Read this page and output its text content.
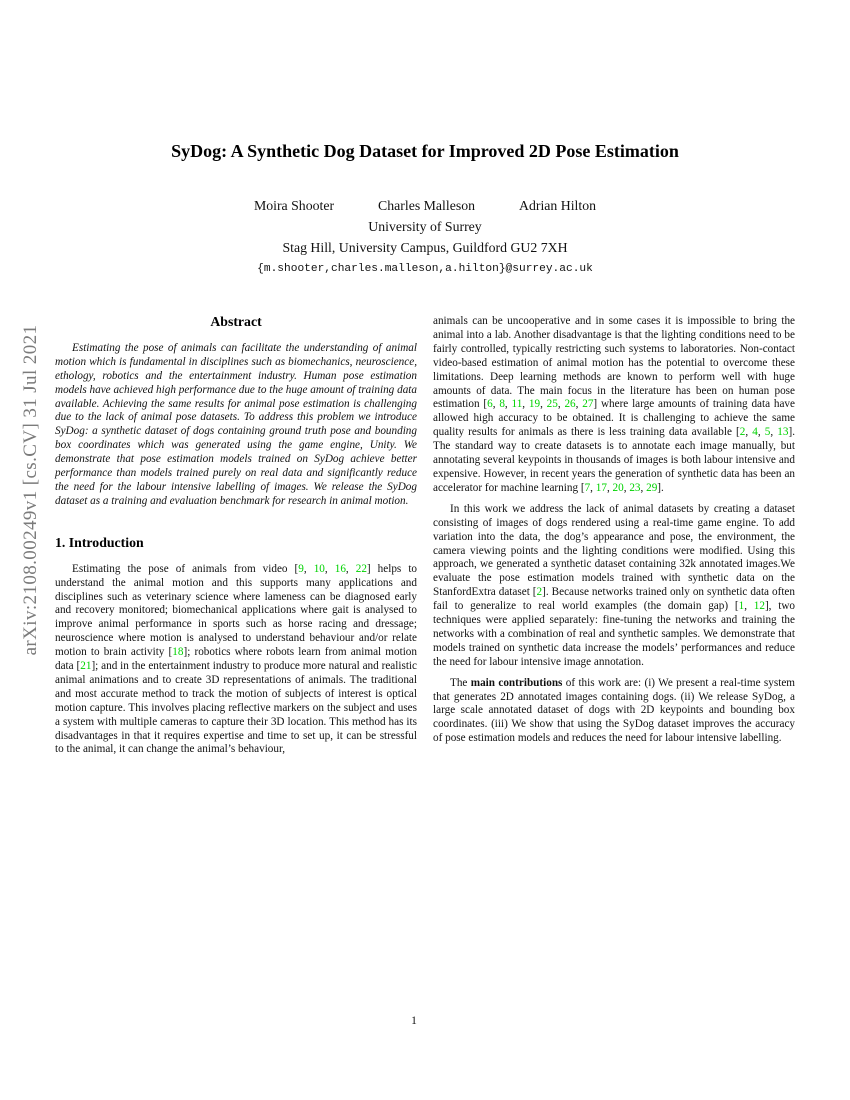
arXiv:2108.00249v1 [cs.CV] 31 Jul 2021
SyDog: A Synthetic Dog Dataset for Improved 2D Pose Estimation
Moira Shooter	Charles Malleson	Adrian Hilton
University of Surrey
Stag Hill, University Campus, Guildford GU2 7XH
{m.shooter,charles.malleson,a.hilton}@surrey.ac.uk
Abstract

Estimating the pose of animals can facilitate the understanding of animal motion which is fundamental in disciplines such as biomechanics, neuroscience, ethology, robotics and the entertainment industry. Human pose estimation models have achieved high performance due to the huge amount of training data available. Achieving the same results for animal pose estimation is challenging due to the lack of animal pose datasets. To address this problem we introduce SyDog: a synthetic dataset of dogs containing ground truth pose and bounding box coordinates which was generated using the game engine, Unity. We demonstrate that pose estimation models trained on SyDog achieve better performance than models trained purely on real data and significantly reduce the need for the labour intensive labelling of images. We release the SyDog dataset as a training and evaluation benchmark for research in animal motion.

1. Introduction

Estimating the pose of animals from video [9, 10, 16, 22] helps to understand the animal motion and this supports many applications and disciplines such as veterinary science where lameness can be diagnosed early and recovery monitored; biomechanical applications where gait is analysed to improve animal performance in sports such as horse racing and dressage; neuroscience where motion is analysed to understand behaviour and/or relate motion to brain activity [18]; robotics where robots learn from animal motion data [21]; and in the entertainment industry to produce more natural and realistic animal animations and to create 3D representations of animals. The traditional and most accurate method to track the motion of subjects of interest is optical motion capture. This involves placing reflective markers on the subject and uses a system with multiple cameras to capture their 3D location. This method has its disadvantages in that it requires expertise and time to set up, it can be stressful to the animal, it can change the animal’s behaviour,

animals can be uncooperative and in some cases it is impossible to bring the animal into a lab. Another disadvantage is that the lighting conditions need to be fairly controlled, typically restricting such systems to laboratories. Non-contact video-based estimation of animal motion has the potential to overcome these limitations. Deep learning methods are known to perform well with huge amounts of data. The main focus in the literature has been on human pose estimation [6, 8, 11, 19, 25, 26, 27] where large amounts of training data have allowed high accuracy to be obtained. It is challenging to achieve the same quality results for animals as there is less training data available [2, 4, 5, 13]. The standard way to create datasets is to annotate each image manually, but annotating several keypoints in thousands of images is both labour intensive and expensive. However, in recent years the generation of synthetic data has been an accelerator for machine learning [7, 17, 20, 23, 29].

In this work we address the lack of animal datasets by creating a dataset consisting of images of dogs rendered using a real-time game engine. To add variation into the data, the dog’s appearance and pose, the environment, the camera viewing points and the lighting conditions were modified. Using this approach, we generated a synthetic dataset containing 32k annotated images.We evaluate the pose estimation models trained with synthetic data on the StanfordExtra dataset [2]. Because networks trained only on synthetic data often fail to generalize to real world examples (the domain gap) [1, 12], two techniques were applied separately: fine-tuning the networks and training the networks with a combination of real and synthetic samples. We demonstrate that models trained on synthetic data increase the models’ performances and reduce the need for labour intensive image annotation.

The main contributions of this work are: (i) We present a real-time system that generates 2D annotated images containing dogs. (ii) We release SyDog, a large scale annotated dataset of dogs with 2D keypoints and bounding box coordinates. (iii) We show that using the SyDog dataset improves the accuracy of pose estimation models and reduces the need for labour intensive labelling.

1
